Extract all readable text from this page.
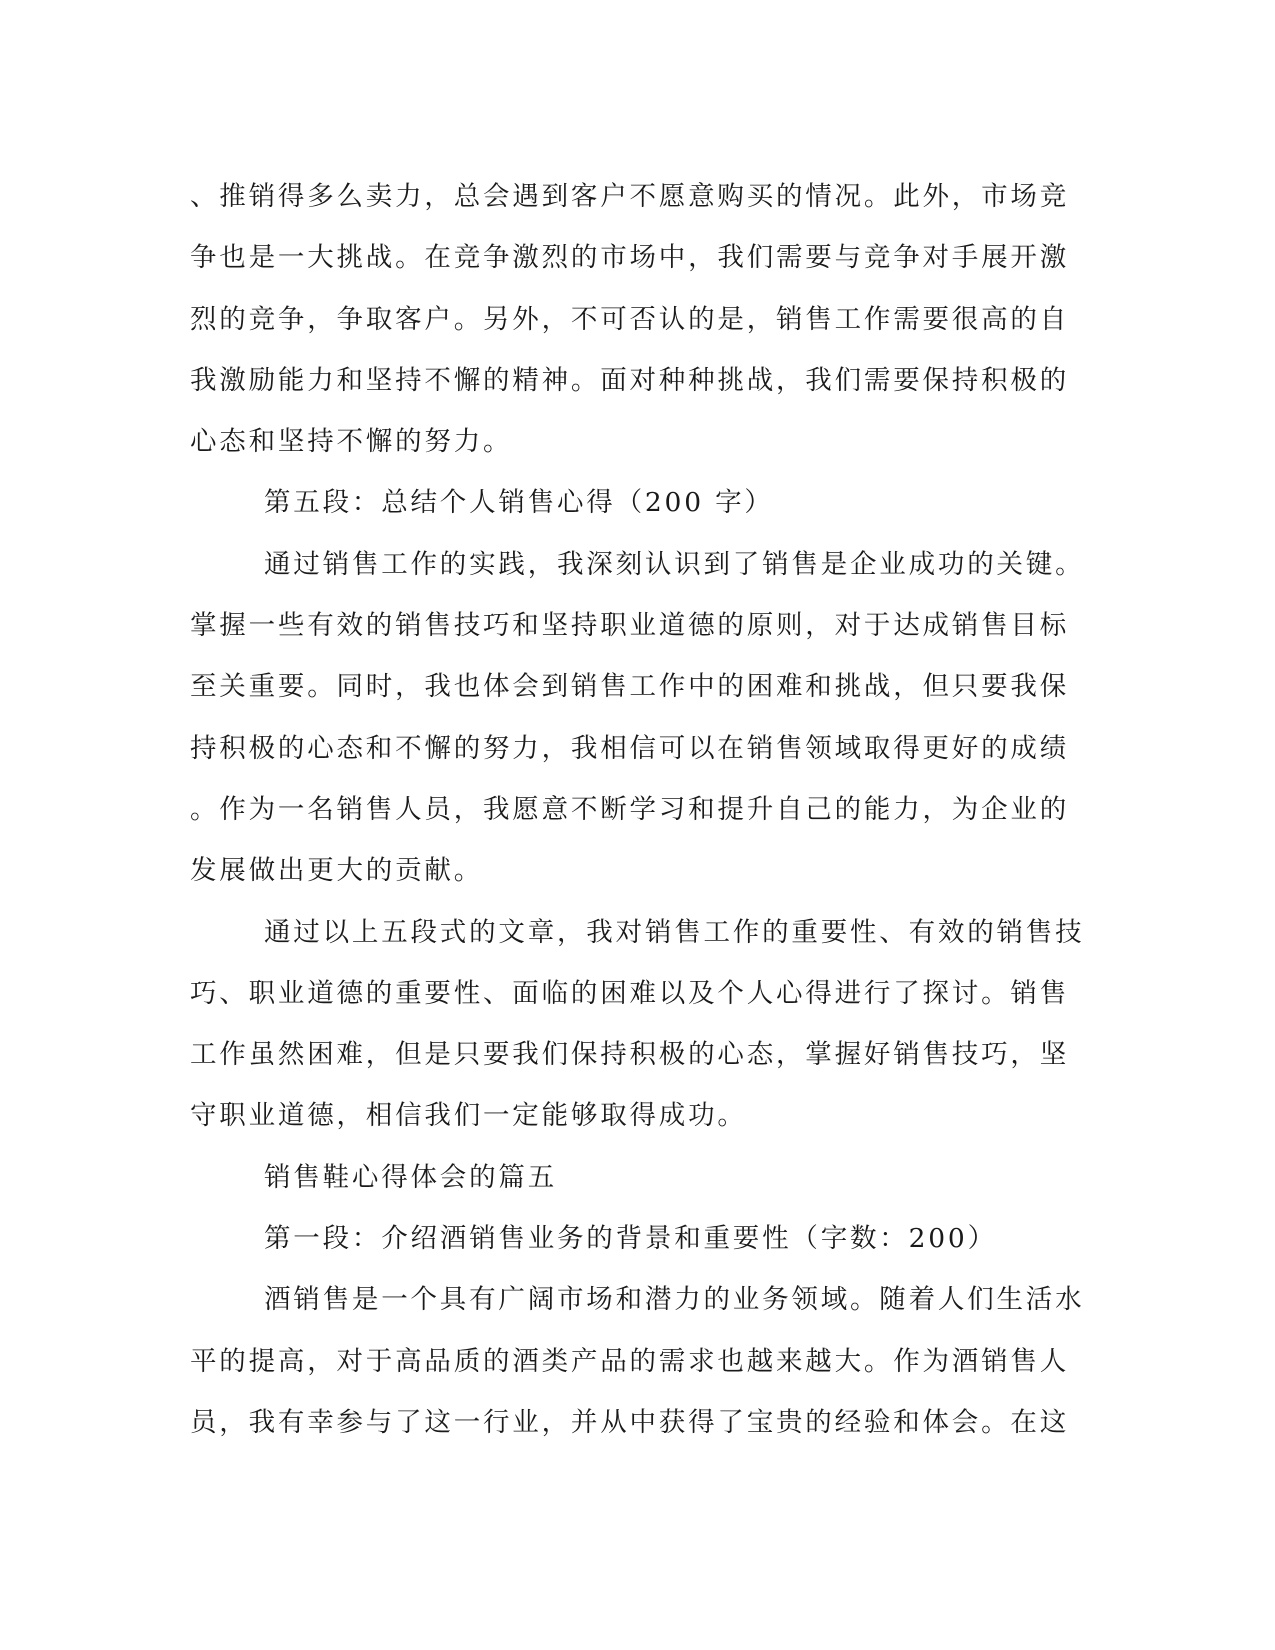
、推销得多么卖力，总会遇到客户不愿意购买的情况。此外，市场竞
争也是一大挑战。在竞争激烈的市场中，我们需要与竞争对手展开激
烈的竞争，争取客户。另外，不可否认的是，销售工作需要很高的自
我激励能力和坚持不懈的精神。面对种种挑战，我们需要保持积极的
心态和坚持不懈的努力。
第五段：总结个人销售心得（200 字）
通过销售工作的实践，我深刻认识到了销售是企业成功的关键。
掌握一些有效的销售技巧和坚持职业道德的原则，对于达成销售目标
至关重要。同时，我也体会到销售工作中的困难和挑战，但只要我保
持积极的心态和不懈的努力，我相信可以在销售领域取得更好的成绩
。作为一名销售人员，我愿意不断学习和提升自己的能力，为企业的
发展做出更大的贡献。
通过以上五段式的文章，我对销售工作的重要性、有效的销售技
巧、职业道德的重要性、面临的困难以及个人心得进行了探讨。销售
工作虽然困难，但是只要我们保持积极的心态，掌握好销售技巧，坚
守职业道德，相信我们一定能够取得成功。
销售鞋心得体会的篇五
第一段：介绍酒销售业务的背景和重要性（字数：200）
酒销售是一个具有广阔市场和潜力的业务领域。随着人们生活水
平的提高，对于高品质的酒类产品的需求也越来越大。作为酒销售人
员，我有幸参与了这一行业，并从中获得了宝贵的经验和体会。在这
